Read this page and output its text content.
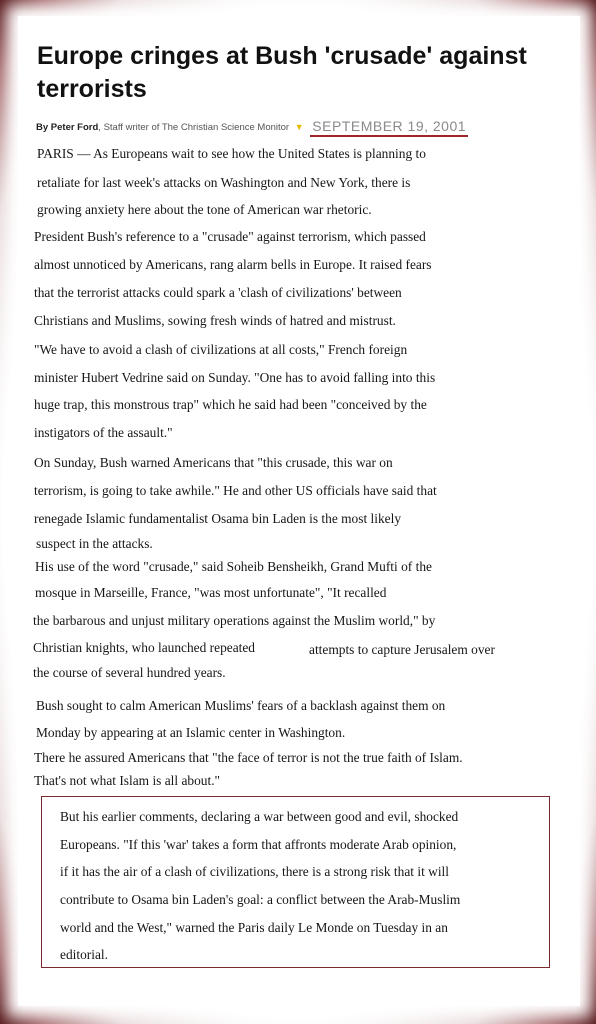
Europe cringes at Bush 'crusade' against terrorists
By Peter Ford, Staff writer of The Christian Science Monitor ▼ SEPTEMBER 19, 2001
PARIS — As Europeans wait to see how the United States is planning to
retaliate for last week's attacks on Washington and New York, there is
growing anxiety here about the tone of American war rhetoric.
President Bush's reference to a "crusade" against terrorism, which passed
almost unnoticed by Americans, rang alarm bells in Europe. It raised fears
that the terrorist attacks could spark a 'clash of civilizations' between
Christians and Muslims, sowing fresh winds of hatred and mistrust.
"We have to avoid a clash of civilizations at all costs," French foreign
minister Hubert Vedrine said on Sunday. "One has to avoid falling into this
huge trap, this monstrous trap" which he said had been "conceived by the
instigators of the assault."
On Sunday, Bush warned Americans that "this crusade, this war on
terrorism, is going to take awhile." He and other US officials have said that
renegade Islamic fundamentalist Osama bin Laden is the most likely
suspect in the attacks.
His use of the word "crusade," said Soheib Bensheikh, Grand Mufti of the
mosque in Marseille, France, "was most unfortunate", "It recalled
the barbarous and unjust military operations against the Muslim world," by
Christian knights, who launched repeated	attempts to capture Jerusalem over
the course of several hundred years.
Bush sought to calm American Muslims' fears of a backlash against them on
Monday by appearing at an Islamic center in Washington.
There he assured Americans that "the face of terror is not the true faith of Islam.
That's not what Islam is all about."
But his earlier comments, declaring a war between good and evil, shocked
Europeans. "If this 'war' takes a form that affronts moderate Arab opinion,
if it has the air of a clash of civilizations, there is a strong risk that it will
contribute to Osama bin Laden's goal: a conflict between the Arab-Muslim
world and the West," warned the Paris daily Le Monde on Tuesday in an
editorial.
